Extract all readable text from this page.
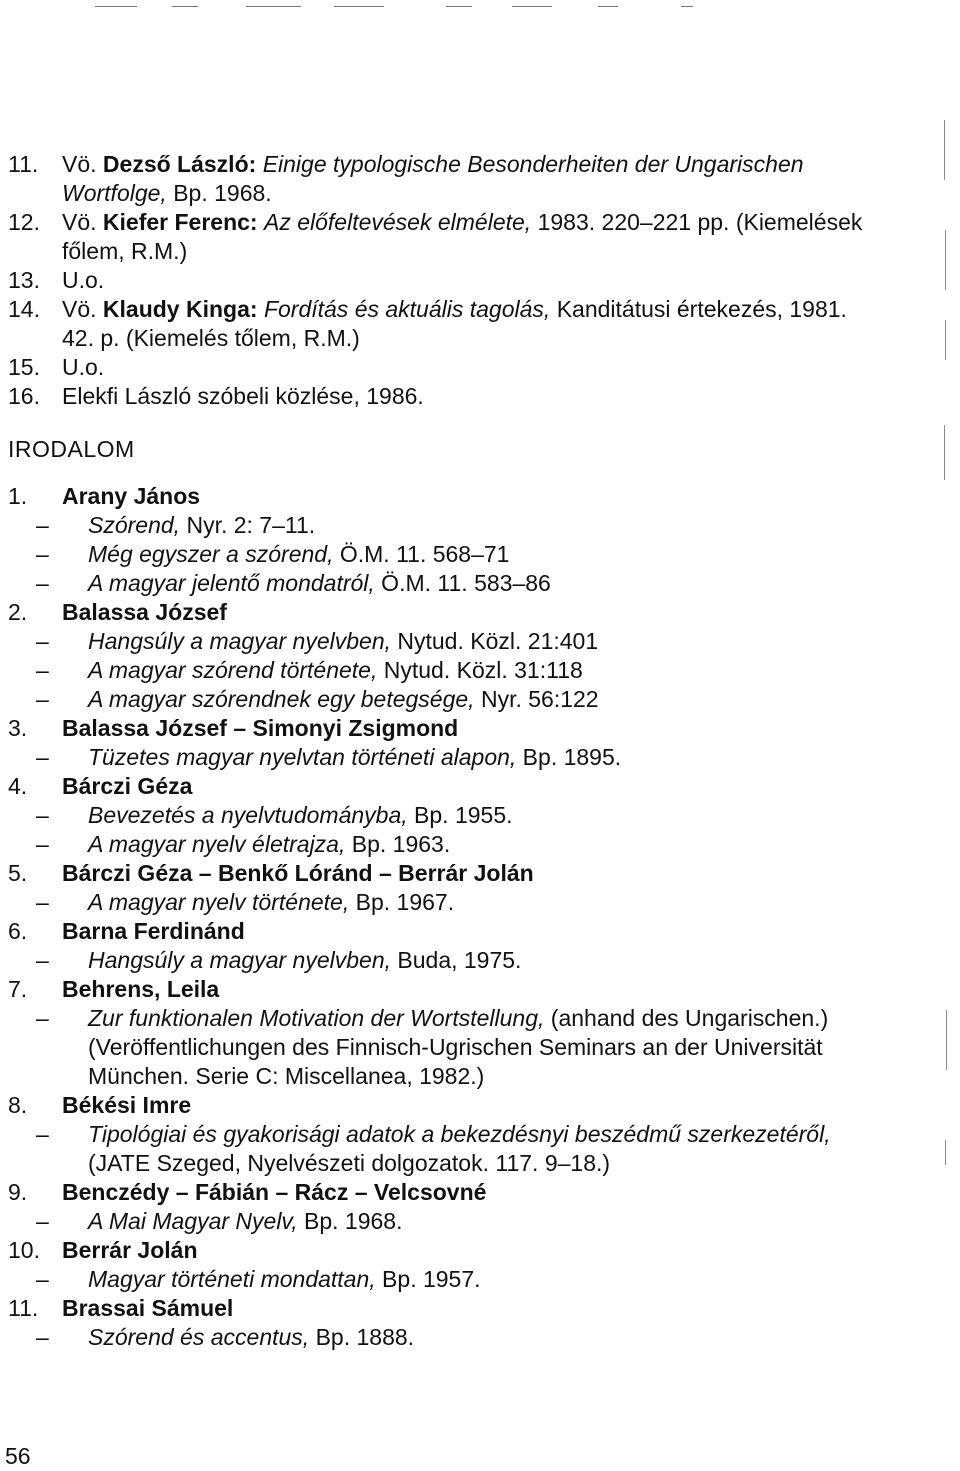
11. Vö. Dezső László: Einige typologische Besonderheiten der Ungarischen Wortfolge, Bp. 1968.
12. Vö. Kiefer Ferenc: Az előfeltevések elmélete, 1983. 220–221 pp. (Kiemelések főlem, R.M.)
13. U.o.
14. Vö. Klaudy Kinga: Fordítás és aktuális tagolás, Kanditátusi értekezés, 1981. 42. p. (Kiemelés tőlem, R.M.)
15. U.o.
16. Elekfi László szóbeli közlése, 1986.
IRODALOM
1. Arany János
– Szórend, Nyr. 2: 7–11.
– Még egyszer a szórend, Ö.M. 11. 568–71
– A magyar jelentő mondatról, Ö.M. 11. 583–86
2. Balassa József
– Hangsúly a magyar nyelvben, Nytud. Közl. 21:401
– A magyar szórend története, Nytud. Közl. 31:118
– A magyar szórendnek egy betegsége, Nyr. 56:122
3. Balassa József – Simonyi Zsigmond
– Tüzetes magyar nyelvtan történeti alapon, Bp. 1895.
4. Bárczi Géza
– Bevezetés a nyelvtudományba, Bp. 1955.
– A magyar nyelv életrajza, Bp. 1963.
5. Bárczi Géza – Benkő Lóránd – Berrár Jolán
– A magyar nyelv története, Bp. 1967.
6. Barna Ferdinánd
– Hangsúly a magyar nyelvben, Buda, 1975.
7. Behrens, Leila
– Zur funktionalen Motivation der Wortstellung, (anhand des Ungarischen.) (Veröffentlichungen des Finnisch-Ugrischen Seminars an der Universität München. Serie C: Miscellanea, 1982.)
8. Békési Imre
– Tipológiai és gyakorisági adatok a bekezdésnyi beszédmű szerkezetéről, (JATE Szeged, Nyelvészeti dolgozatok. 117. 9–18.)
9. Benczédy – Fábián – Rácz – Velcsovné
– A Mai Magyar Nyelv, Bp. 1968.
10. Berrár Jolán
– Magyar történeti mondattan, Bp. 1957.
11. Brassai Sámuel
– Szórend és accentus, Bp. 1888.
56
